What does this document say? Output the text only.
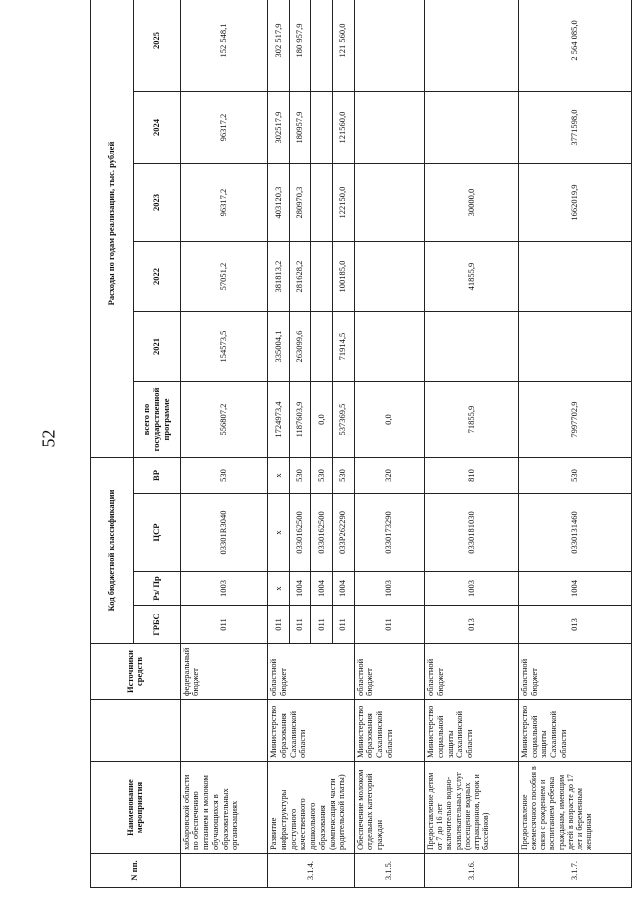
52
N пп.	Наименование мероприятия		Источники средств	Код бюджетной классификации				Расходы по годам реализации, тыс. рублей					
				ГРБС	Рз/ Пр	ЦСР	ВР	всего по государственной программе	2021	2022	2023	2024	2025
	хабаровской области по обеспечению питанием и молоком обучающихся в образовательных организациях		федеральный бюджет	011	1003	03301R3040	530	556807,2	154573,5	57051,2	96317,2	96317,2	152 548,1
3.1.4.	Развитие инфраструктуры доступного качественного дошкольного образования (компенсация части родительской платы)	Министерство образования Сахалинской области	областной бюджет	011	х	х	х	1724973,4	335004,1	381813,2	403120,3	302517,9	302 517,9
				011	1004	0330162500	530	1187603,9	263099,6	281628,2	280970,3	180957,9	180 957,9
				011	1004	0330162500	530	0,0					
				011	1004	033P262290	530	537369,5	71914,5	100185,0	122150,0	121560,0	121 560,0
3.1.5.	Обеспечение молоком отдельных категорий граждан	Министерство образования Сахалинской области	областной бюджет	011	1003	0330173290	320	0,0					
3.1.6.	Предоставление детям от 7 до 16 лет включительно водно-развлекательных услуг (посещение водных аттракционов, горок и бассейнов)	Министерство социальной защиты Сахалинской области	областной бюджет	013	1003	0330181030	810	71855,9		41855,9	30000,0		
3.1.7.	Предоставление ежемесячного пособия в связи с рождением и воспитанием ребенка гражданам, имеющим детей в возрасте до 17 лет и беременным женщинам	Министерство социальной защиты Сахалинской области	областной бюджет	013	1004	0330131460	530	7997702,9			1662019,9	3771598,0	2 564 085,0
